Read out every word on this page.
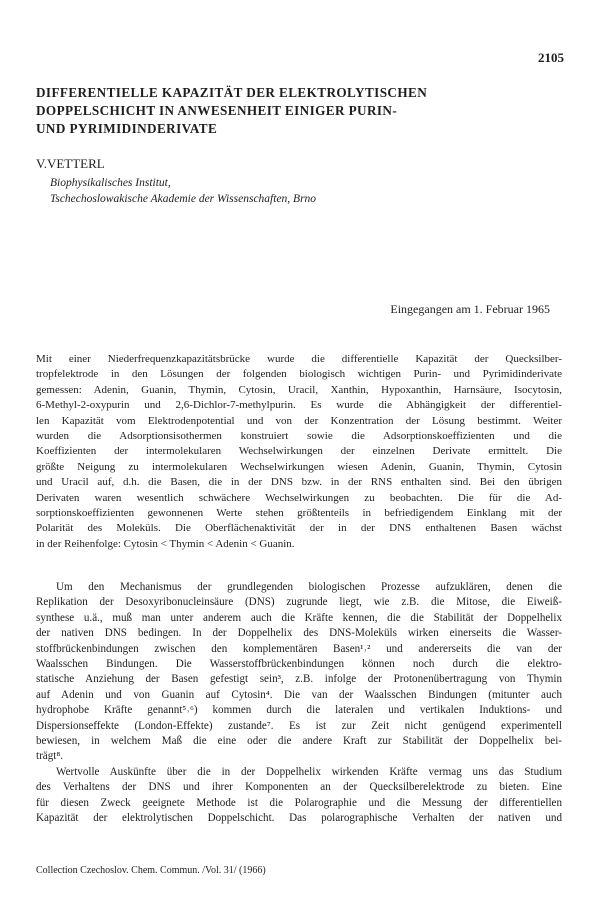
2105
DIFFERENTIELLE KAPAZITÄT DER ELEKTROLYTISCHEN
DOPPELSCHICHT IN ANWESENHEIT EINIGER PURIN-
UND PYRIMIDINDERIVATE
V.VETTERL
Biophysikalisches Institut,
Tschechoslowakische Akademie der Wissenschaften, Brno
Eingegangen am 1. Februar 1965
Mit einer Niederfrequenzkapazitätsbrücke wurde die differentielle Kapazität der Quecksilber-
tropfelektrode in den Lösungen der folgenden biologisch wichtigen Purin- und Pyrimidinderivate
gemessen: Adenin, Guanin, Thymin, Cytosin, Uracil, Xanthin, Hypoxanthin, Harnsäure, Isocytosin,
6-Methyl-2-oxypurin und 2,6-Dichlor-7-methylpurin. Es wurde die Abhängigkeit der differentiel-
len Kapazität vom Elektrodenpotential und von der Konzentration der Lösung bestimmt. Weiter
wurden die Adsorptionsisothermen konstruiert sowie die Adsorptionskoeffizienten und die
Koeffizienten der intermolekularen Wechselwirkungen der einzelnen Derivate ermittelt. Die
größte Neigung zu intermolekularen Wechselwirkungen wiesen Adenin, Guanin, Thymin, Cytosin
und Uracil auf, d.h. die Basen, die in der DNS bzw. in der RNS enthalten sind. Bei den übrigen
Derivaten waren wesentlich schwächere Wechselwirkungen zu beobachten. Die für die Ad-
sorptionskoeffizienten gewonnenen Werte stehen größtenteils in befriedigendem Einklang mit der
Polarität des Moleküls. Die Oberflächenaktivität der in der DNS enthaltenen Basen wächst
in der Reihenfolge: Cytosin < Thymin < Adenin < Guanin.
Um den Mechanismus der grundlegenden biologischen Prozesse aufzuklären, denen die
Replikation der Desoxyribonucleinsäure (DNS) zugrunde liegt, wie z.B. die Mitose, die Eiweiß-
synthese u.ä., muß man unter anderem auch die Kräfte kennen, die die Stabilität der Doppelhelix
der nativen DNS bedingen. In der Doppelhelix des DNS-Moleküls wirken einerseits die Wasser-
stoffbrückenbindungen zwischen den komplementären Basen¹˒² und andererseits die van der
Waalsschen Bindungen. Die Wasserstoffbrückenbindungen können noch durch die elektro-
statische Anziehung der Basen gefestigt sein³, z.B. infolge der Protonenübertragung von Thymin
auf Adenin und von Guanin auf Cytosin⁴. Die van der Waalsschen Bindungen (mitunter auch
hydrophobe Kräfte genannt⁵˒⁶) kommen durch die lateralen und vertikalen Induktions- und
Dispersionseffekte (London-Effekte) zustande⁷. Es ist zur Zeit nicht genügend experimentell
bewiesen, in welchem Maß die eine oder die andere Kraft zur Stabilität der Doppelhelix bei-
trägt⁸.
Wertvolle Auskünfte über die in der Doppelhelix wirkenden Kräfte vermag uns das Studium
des Verhaltens der DNS und ihrer Komponenten an der Quecksilberelektrode zu bieten. Eine
für diesen Zweck geeignete Methode ist die Polarographie und die Messung der differentiellen
Kapazität der elektrolytischen Doppelschicht. Das polarographische Verhalten der nativen und
Collection Czechoslov. Chem. Commun. /Vol. 31/ (1966)
